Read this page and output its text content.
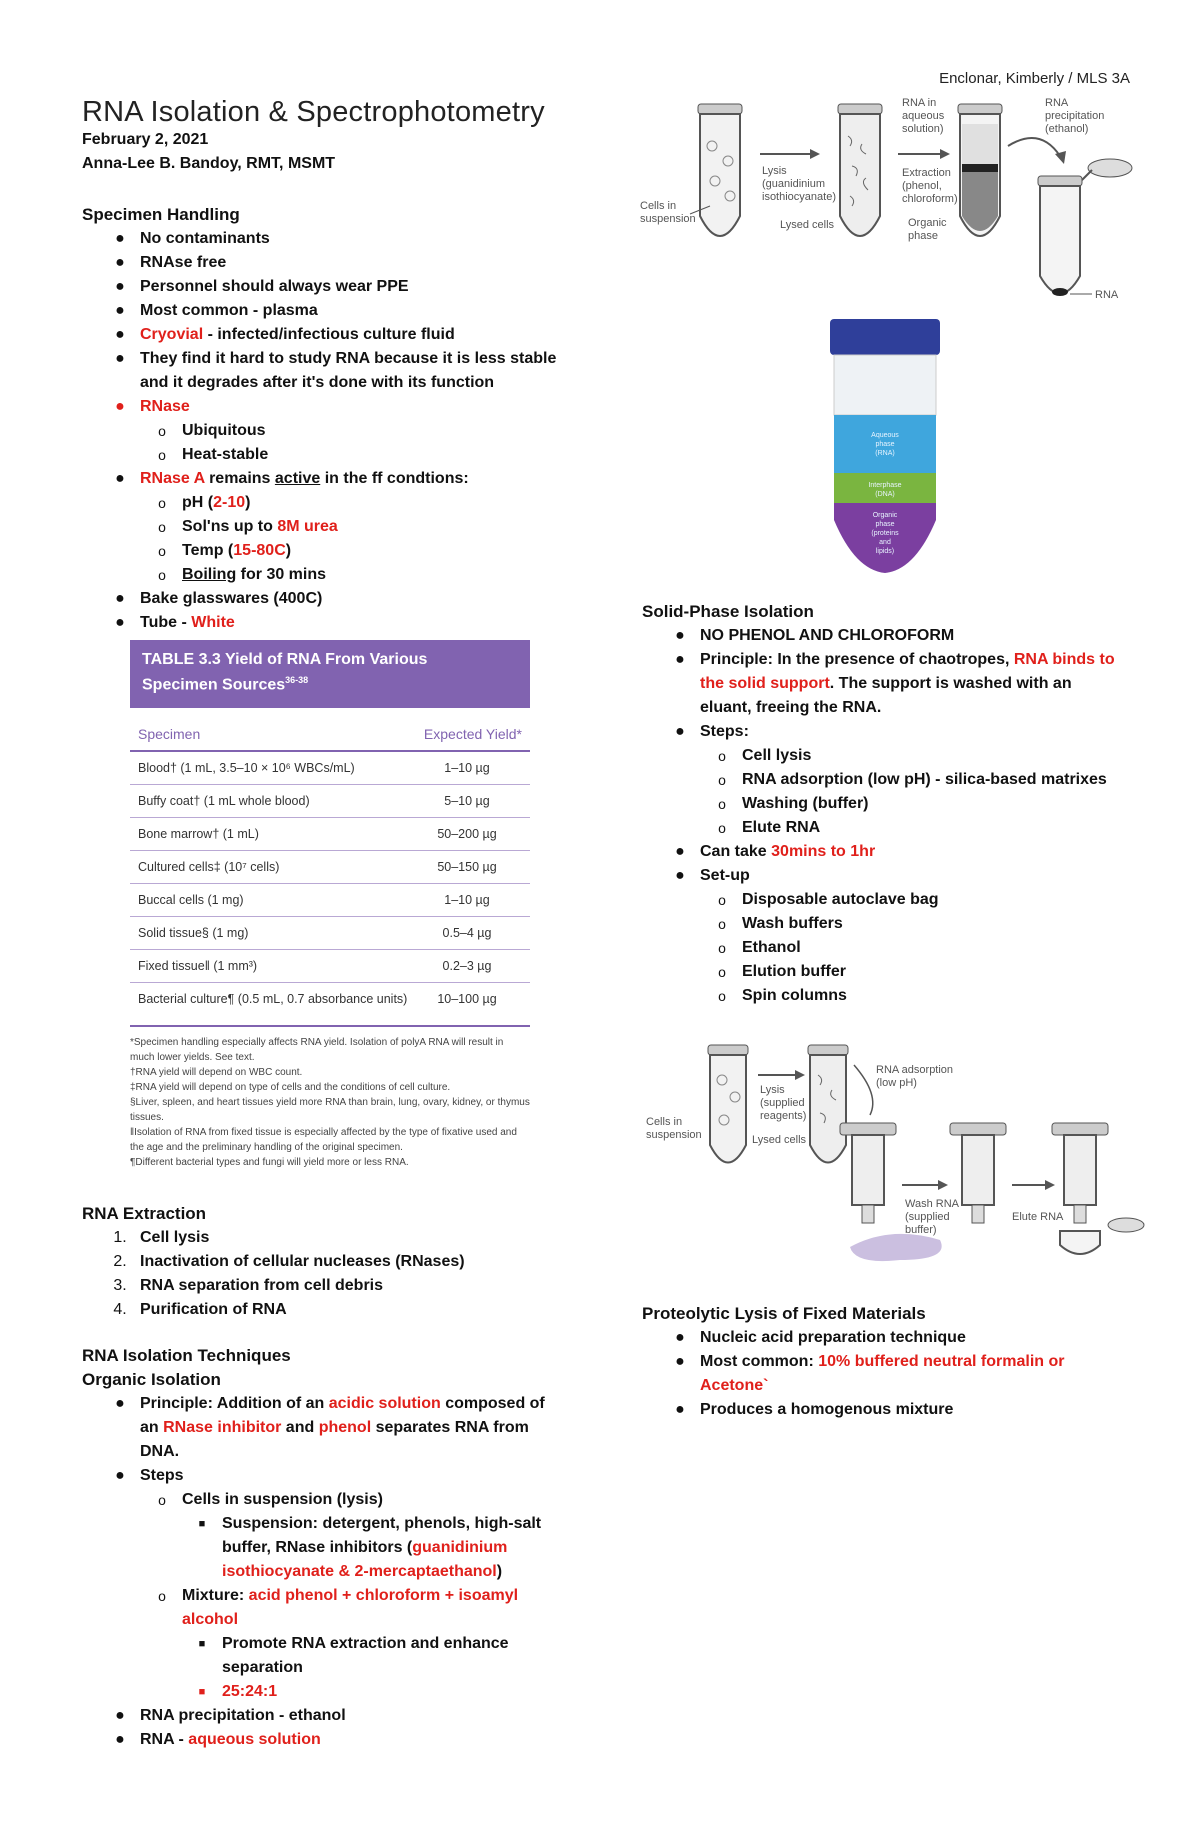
Enclonar, Kimberly / MLS 3A
RNA Isolation & Spectrophotometry
February 2, 2021
Anna-Lee B. Bandoy, RMT, MSMT
Specimen Handling
● No contaminants
● RNAse free
● Personnel should always wear PPE
● Most common - plasma
● Cryovial - infected/infectious culture fluid
● They find it hard to study RNA because it is less stable
and it degrades after it's done with its function
● RNase
o	Ubiquitous
o	Heat-stable
● RNase A remains active in the ff condtions:
o	pH (2-10)
o	Sol'ns up to 8M urea
o	Temp (15-80C)
o	Boiling for 30 mins
● Bake glasswares (400C)
● Tube - White
TABLE 3.3 Yield of RNA From Various
Specimen Sources$^{36-38}$
Specimen	Expected Yield*
Blood† (1 mL, 3.5–10 × 10⁶ WBCs/mL)	1–10 µg
Buffy coat† (1 mL whole blood)	5–10 µg
Bone marrow† (1 mL)	50–200 µg
Cultured cells‡ (10⁷ cells)	50–150 µg
Buccal cells (1 mg)	1–10 µg
Solid tissue§ (1 mg)	0.5–4 µg
Fixed tissue‖ (1 mm³)	0.2–3 µg
Bacterial culture¶ (0.5 mL, 0.7 absorbance units)	10–100 µg
*Specimen handling especially affects RNA yield. Isolation of polyA RNA will result in much lower yields. See text.
†RNA yield will depend on WBC count.
‡RNA yield will depend on type of cells and the conditions of cell culture.
§Liver, spleen, and heart tissues yield more RNA than brain, lung, ovary, kidney, or thymus tissues.
‖Isolation of RNA from fixed tissue is especially affected by the type of fixative used and the age and the preliminary handling of the original specimen.
¶Different bacterial types and fungi will yield more or less RNA.
RNA Extraction
1. Cell lysis
2. Inactivation of cellular nucleases (RNases)
3. RNA separation from cell debris
4. Purification of RNA
RNA Isolation Techniques
Organic Isolation
● Principle: Addition of an acidic solution composed of
an RNase inhibitor and phenol separates RNA from
DNA.
● Steps
o	Cells in suspension (lysis)
■	Suspension: detergent, phenols, high-salt
buffer, RNase inhibitors (guanidinium
isothiocyanate & 2-mercaptaethanol)
o	Mixture: acid phenol + chloroform + isoamyl
alcohol
■	Promote RNA extraction and enhance
separation
■	25:24:1
● RNA precipitation - ethanol
● RNA - aqueous solution
Cells in
suspension
Lysis
(guanidinium
isothiocyanate)
Lysed cells
Extraction
(phenol,
chloroform)
RNA in
aqueous
solution)
Organic
phase
RNA
precipitation
(ethanol)
RNA
Aqueous
phase
(RNA)
Interphase
(DNA)
Organic
phase
(proteins
and
lipids)
Solid-Phase Isolation
● NO PHENOL AND CHLOROFORM
● Principle: In the presence of chaotropes, RNA binds to
the solid support. The support is washed with an
eluant, freeing the RNA.
● Steps:
o	Cell lysis
o	RNA adsorption (low pH) - silica-based matrixes
o	Washing (buffer)
o	Elute RNA
● Can take 30mins to 1hr
● Set-up
o	Disposable autoclave bag
o	Wash buffers
o	Ethanol
o	Elution buffer
o	Spin columns
Cells in
suspension
Lysis
(supplied
reagents)
Lysed cells
RNA adsorption
(low pH)
Wash RNA
(supplied
buffer)
Elute RNA
Proteolytic Lysis of Fixed Materials
● Nucleic acid preparation technique
● Most common: 10% buffered neutral formalin or
Acetone`
● Produces a homogenous mixture
